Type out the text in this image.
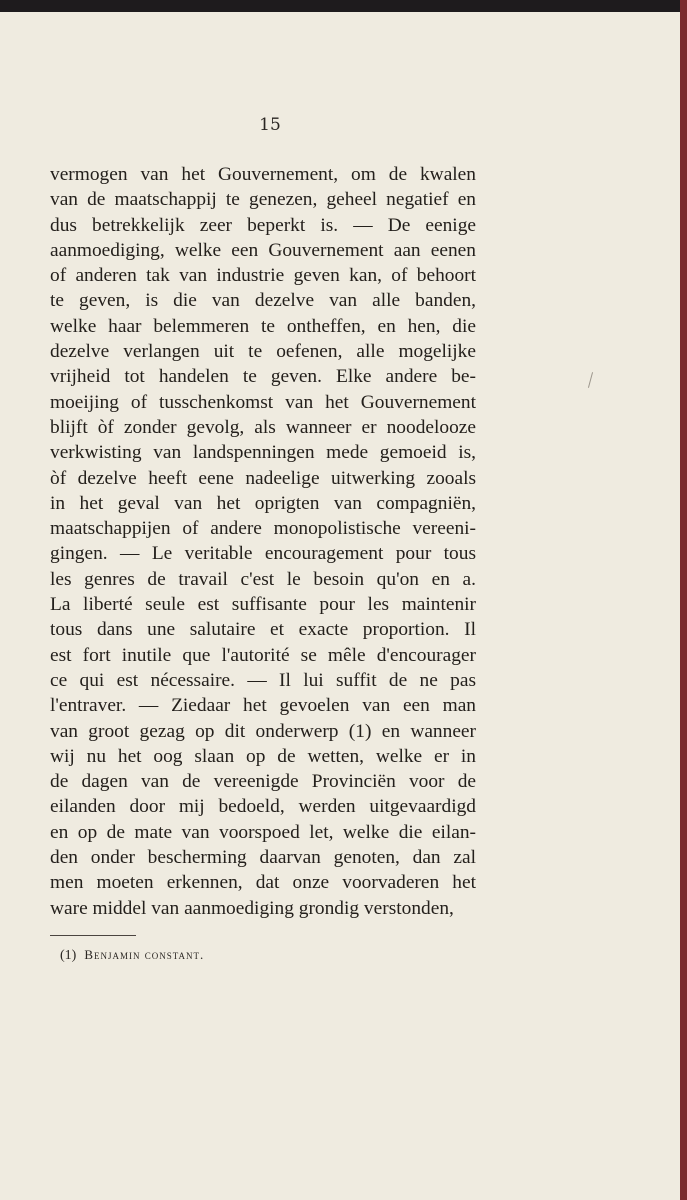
15
vermogen van het Gouvernement, om de kwalen
van de maatschappij te genezen, geheel negatief en
dus betrekkelijk zeer beperkt is. — De eenige
aanmoediging, welke een Gouvernement aan eenen
of anderen tak van industrie geven kan, of behoort
te geven, is die van dezelve van alle banden,
welke haar belemmeren te ontheffen, en hen, die
dezelve verlangen uit te oefenen, alle mogelijke
vrijheid tot handelen te geven. Elke andere be-
moeijing of tusschenkomst van het Gouvernement
blijft òf zonder gevolg, als wanneer er noodelooze
verkwisting van landspenningen mede gemoeid is,
òf dezelve heeft eene nadeelige uitwerking zooals
in het geval van het oprigten van compagniën,
maatschappijen of andere monopolistische vereeni-
gingen. — Le veritable encouragement pour tous
les genres de travail c'est le besoin qu'on en a.
La liberté seule est suffisante pour les maintenir
tous dans une salutaire et exacte proportion. Il
est fort inutile que l'autorité se mêle d'encourager
ce qui est nécessaire. — Il lui suffit de ne pas
l'entraver. — Ziedaar het gevoelen van een man
van groot gezag op dit onderwerp (1) en wanneer
wij nu het oog slaan op de wetten, welke er in
de dagen van de vereenigde Provinciën voor de
eilanden door mij bedoeld, werden uitgevaardigd
en op de mate van voorspoed let, welke die eilan-
den onder bescherming daarvan genoten, dan zal
men moeten erkennen, dat onze voorvaderen het
ware middel van aanmoediging grondig verstonden,
(1) Benjamin constant.
